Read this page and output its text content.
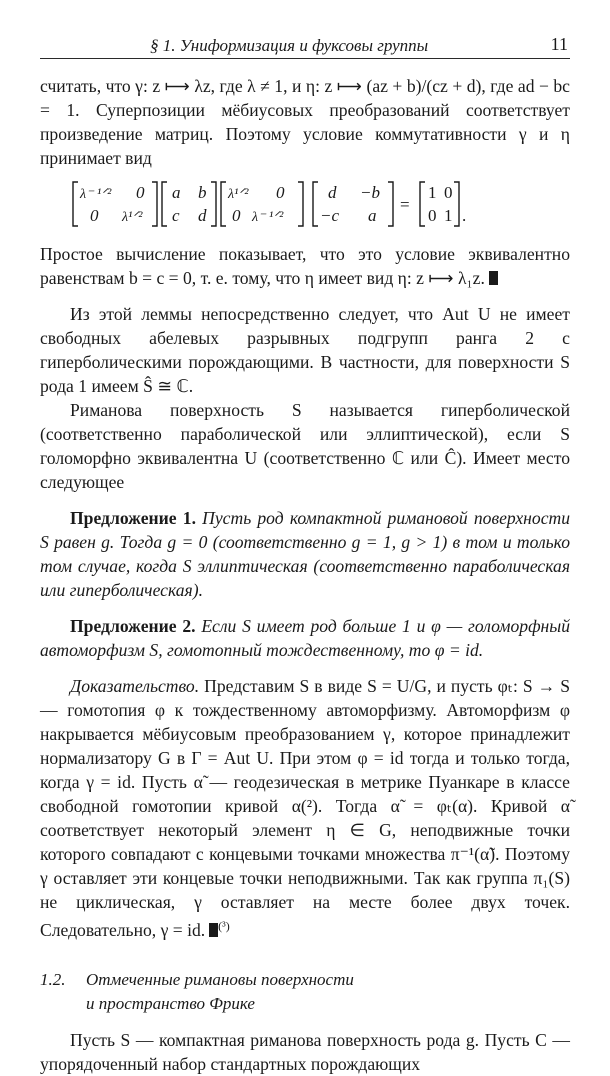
§ 1. Униформизация и фуксовы группы	11

считать, что γ: z ⟼ λz, где λ ≠ 1, и η: z ⟼ (az + b)/(cz + d), где ad − bc = 1. Суперпозиции мёбиусовых преобразований соответствует произведение матриц. Поэтому условие коммутативности γ и η принимает вид

λ⁻ ¹ᐟ² 0
0 λ¹ᐟ²
a b
c d
λ¹ᐟ² 0
0 λ⁻ ¹ᐟ²
d −b
−c a
=
1 0
0 1 .

Простое вычисление показывает, что это условие эквивалентно равенствам b = c = 0, т. е. тому, что η имеет вид η: z ⟼ λ₁z.

Из этой леммы непосредственно следует, что Aut U не имеет свободных абелевых разрывных подгрупп ранга 2 с гиперболическими порождающими. В частности, для поверхности S рода 1 имеем Ŝ ≅ ℂ.

Риманова поверхность S называется гиперболической (соответственно параболической или эллиптической), если S голоморфно эквивалентна U (соответственно ℂ или Ĉ). Имеет место следующее

Предложение 1. Пусть род компактной римановой поверхности S равен g. Тогда g = 0 (соответственно g = 1, g > 1) в том и только том случае, когда S эллиптическая (соответственно параболическая или гиперболическая).

Предложение 2. Если S имеет род больше 1 и φ — голоморфный автоморфизм S, гомотопный тождественному, то φ = id.

Доказательство. Представим S в виде S = U/G, и пусть φₜ: S → S — гомотопия φ к тождественному автоморфизму. Автоморфизм φ накрывается мёбиусовым преобразованием γ, которое принадлежит нормализатору G в Γ = Aut U. При этом φ = id тогда и только тогда, когда γ = id. Пусть α̃ — геодезическая в метрике Пуанкаре в классе свободной гомотопии кривой α(²). Тогда α̃ = φₜ(α). Кривой α̃ соответствует некоторый элемент η ∈ G, неподвижные точки которого совпадают с концевыми точками множества π⁻¹(α̃). Поэтому γ оставляет эти концевые точки неподвижными. Так как группа π₁(S) не циклическая, γ оставляет на месте более двух точек. Следовательно, γ = id. $^{(^3)}$

1.2. Отмеченные римановы поверхности
и пространство Фрике

Пусть S — компактная риманова поверхность рода g. Пусть C — упорядоченный набор стандартных порождающих
